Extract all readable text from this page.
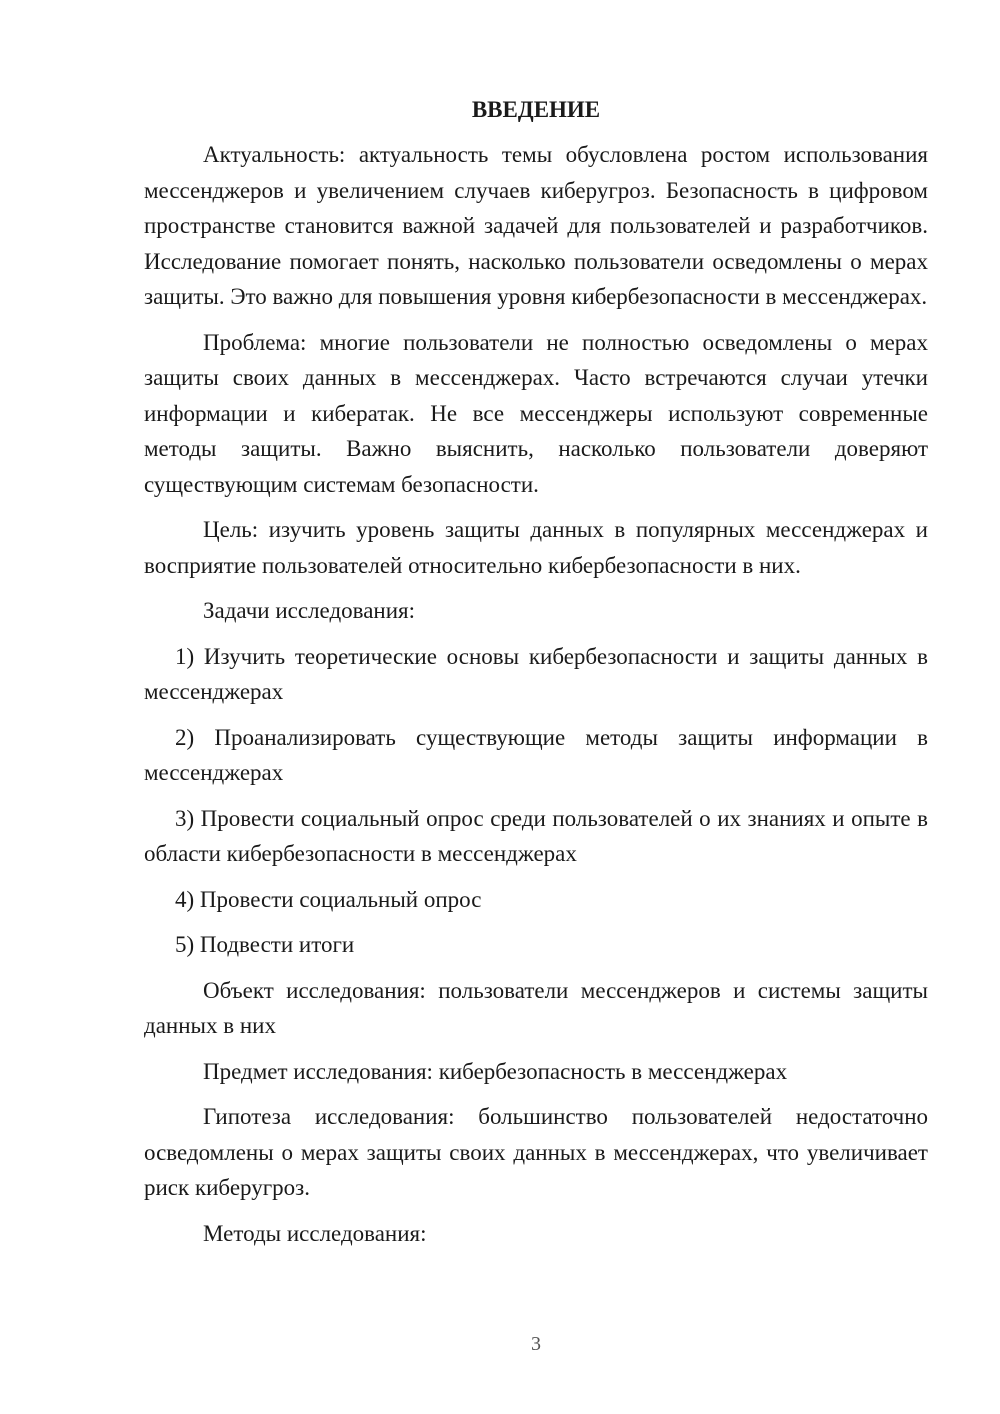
ВВЕДЕНИЕ

Актуальность: актуальность темы обусловлена ростом использования мессенджеров и увеличением случаев киберугроз. Безопасность в цифровом пространстве становится важной задачей для пользователей и разработчиков. Исследование помогает понять, насколько пользователи осведомлены о мерах защиты. Это важно для повышения уровня кибербезопасности в мессенджерах.

Проблема: многие пользователи не полностью осведомлены о мерах защиты своих данных в мессенджерах. Часто встречаются случаи утечки информации и кибератак. Не все мессенджеры используют современные методы защиты. Важно выяснить, насколько пользователи доверяют существующим системам безопасности.

Цель: изучить уровень защиты данных в популярных мессенджерах и восприятие пользователей относительно кибербезопасности в них.

Задачи исследования:

1) Изучить теоретические основы кибербезопасности и защиты данных в мессенджерах

2) Проанализировать существующие методы защиты информации в мессенджерах

3) Провести социальный опрос среди пользователей о их знаниях и опыте в области кибербезопасности в мессенджерах

4) Провести социальный опрос

5) Подвести итоги

Объект исследования: пользователи мессенджеров и системы защиты данных в них

Предмет исследования: кибербезопасность в мессенджерах

Гипотеза исследования: большинство пользователей недостаточно осведомлены о мерах защиты своих данных в мессенджерах, что увеличивает риск киберугроз.

Методы исследования:

3
